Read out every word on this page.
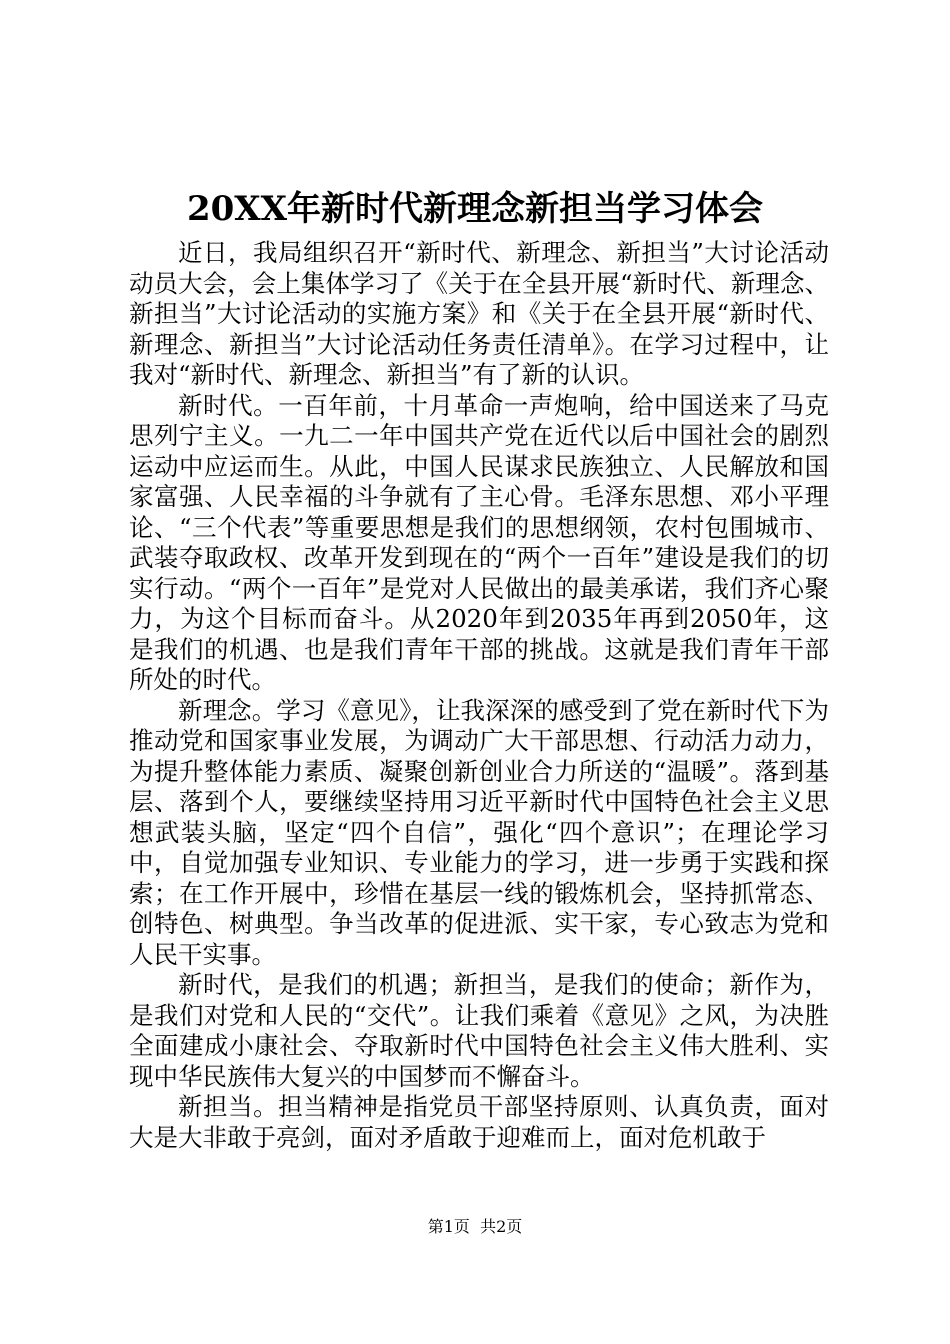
20XX年新时代新理念新担当学习体会

近日，我局组织召开“新时代、新理念、新担当”大讨论活动动员大会，会上集体学习了《关于在全县开展“新时代、新理念、新担当”大讨论活动的实施方案》和《关于在全县开展“新时代、新理念、新担当”大讨论活动任务责任清单》。在学习过程中，让我对“新时代、新理念、新担当”有了新的认识。

新时代。一百年前，十月革命一声炮响，给中国送来了马克思列宁主义。一九二一年中国共产党在近代以后中国社会的剧烈运动中应运而生。从此，中国人民谋求民族独立、人民解放和国家富强、人民幸福的斗争就有了主心骨。毛泽东思想、邓小平理论、“三个代表”等重要思想是我们的思想纲领，农村包围城市、武装夺取政权、改革开发到现在的“两个一百年”建设是我们的切实行动。“两个一百年”是党对人民做出的最美承诺，我们齐心聚力，为这个目标而奋斗。从2020年到2035年再到2050年，这是我们的机遇、也是我们青年干部的挑战。这就是我们青年干部所处的时代。

新理念。学习《意见》，让我深深的感受到了党在新时代下为推动党和国家事业发展，为调动广大干部思想、行动活力动力，为提升整体能力素质、凝聚创新创业合力所送的“温暖”。落到基层、落到个人，要继续坚持用习近平新时代中国特色社会主义思想武装头脑，坚定“四个自信”，强化“四个意识”；在理论学习中，自觉加强专业知识、专业能力的学习，进一步勇于实践和探索；在工作开展中，珍惜在基层一线的锻炼机会，坚持抓常态、创特色、树典型。争当改革的促进派、实干家，专心致志为党和人民干实事。

新时代，是我们的机遇；新担当，是我们的使命；新作为，是我们对党和人民的“交代”。让我们乘着《意见》之风，为决胜全面建成小康社会、夺取新时代中国特色社会主义伟大胜利、实现中华民族伟大复兴的中国梦而不懈奋斗。

新担当。担当精神是指党员干部坚持原则、认真负责，面对大是大非敢于亮剑，面对矛盾敢于迎难而上，面对危机敢于

第1页 共2页
